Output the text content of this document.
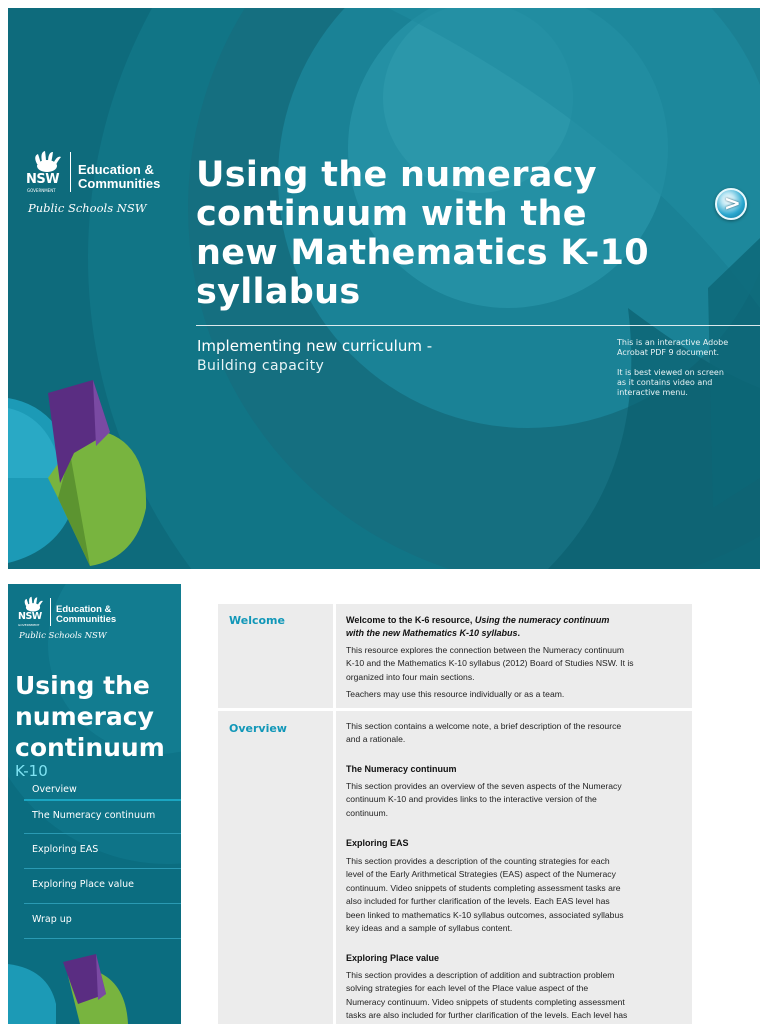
NSW
GOVERNMENT
Education &
Communities
Public Schools NSW
Using the numeracy
continuum with the
new Mathematics K-10
syllabus
>
Implementing new curriculum -
Building capacity
This is an interactive Adobe
Acrobat PDF 9 document.
It is best viewed on screen
as it contains video and
interactive menu.
NSW
GOVERNMENT
Education &
Communities
Public Schools NSW
Using the
numeracy
continuum
K-10
Overview
The Numeracy continuum
Exploring EAS
Exploring Place value
Wrap up
Welcome	Welcome to the K-6 resource, Using the numeracy continuum
with the new Mathematics K-10 syllabus.
This resource explores the connection between the Numeracy continuum
K-10 and the Mathematics K-10 syllabus (2012) Board of Studies NSW. It is
organized into four main sections.
Teachers may use this resource individually or as a team.
Overview	This section contains a welcome note, a brief description of the resource
and a rationale.
The Numeracy continuum
This section provides an overview of the seven aspects of the Numeracy
continuum K-10 and provides links to the interactive version of the
continuum.
Exploring EAS
This section provides a description of the counting strategies for each
level of the Early Arithmetical Strategies (EAS) aspect of the Numeracy
continuum. Video snippets of students completing assessment tasks are
also included for further clarification of the levels. Each EAS level has
been linked to mathematics K-10 syllabus outcomes, associated syllabus
key ideas and a sample of syllabus content.
Exploring Place value
This section provides a description of addition and subtraction problem
solving strategies for each level of the Place value aspect of the
Numeracy continuum. Video snippets of students completing assessment
tasks are also included for further clarification of the levels. Each level has
